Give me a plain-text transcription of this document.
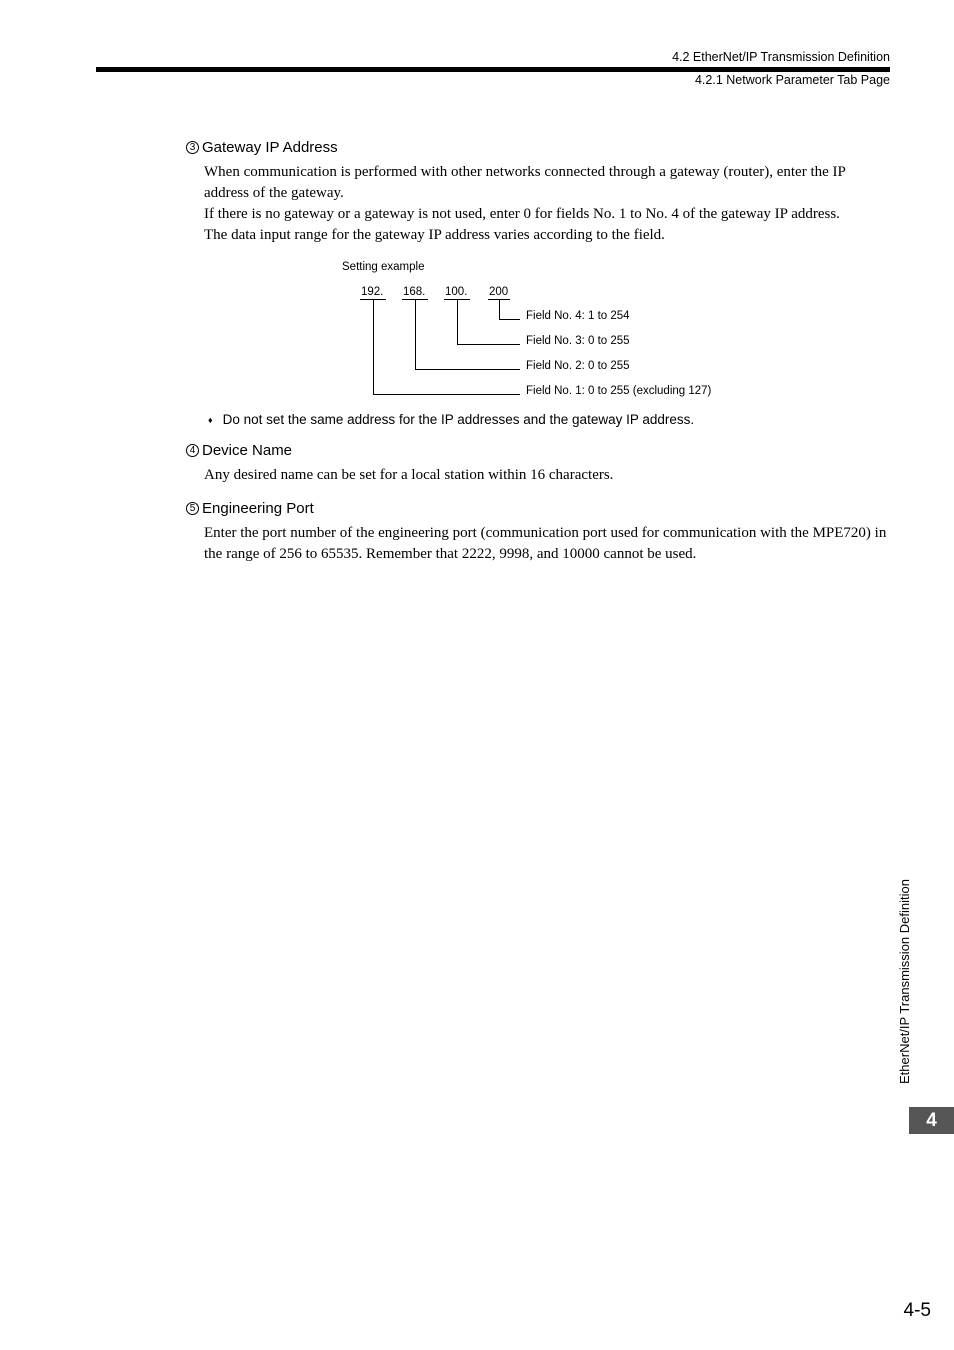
4.2 EtherNet/IP Transmission Definition
4.2.1 Network Parameter Tab Page
3 Gateway IP Address

When communication is performed with other networks connected through a gateway (router), enter the IP address of the gateway.

If there is no gateway or a gateway is not used, enter 0 for fields No. 1 to No. 4 of the gateway IP address.

The data input range for the gateway IP address varies according to the field.

Setting example
192. 168. 100. 200
Field No. 4: 1 to 254
Field No. 3: 0 to 255
Field No. 2: 0 to 255
Field No. 1: 0 to 255 (excluding 127)
♦ Do not set the same address for the IP addresses and the gateway IP address.
4 Device Name

Any desired name can be set for a local station within 16 characters.

5 Engineering Port

Enter the port number of the engineering port (communication port used for communication with the MPE720) in the range of 256 to 65535. Remember that 2222, 9998, and 10000 cannot be used.

EtherNet/IP Transmission Definition
4
4-5
